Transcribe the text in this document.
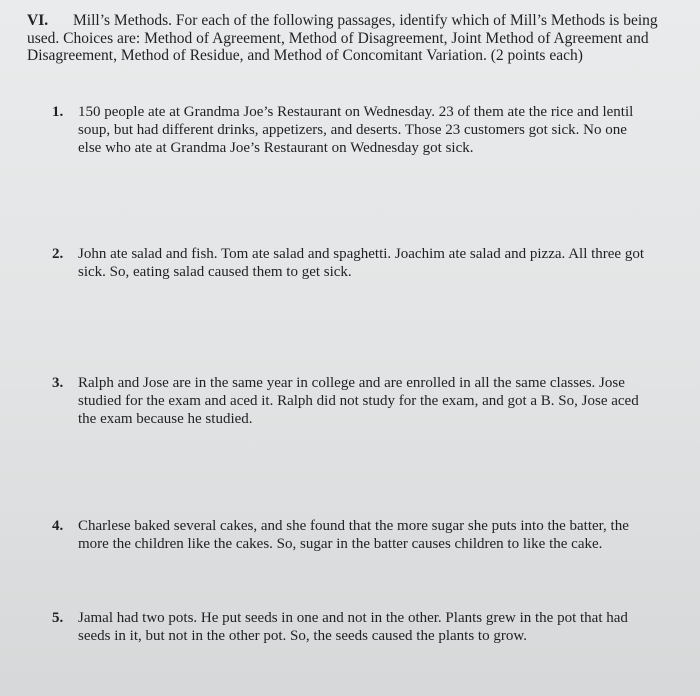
VI. Mill’s Methods. For each of the following passages, identify which of Mill’s Methods is being used. Choices are: Method of Agreement, Method of Disagreement, Joint Method of Agreement and Disagreement, Method of Residue, and Method of Concomitant Variation. (2 points each)
1. 150 people ate at Grandma Joe’s Restaurant on Wednesday. 23 of them ate the rice and lentil soup, but had different drinks, appetizers, and deserts. Those 23 customers got sick. No one else who ate at Grandma Joe’s Restaurant on Wednesday got sick.
2. John ate salad and fish. Tom ate salad and spaghetti. Joachim ate salad and pizza. All three got sick. So, eating salad caused them to get sick.
3. Ralph and Jose are in the same year in college and are enrolled in all the same classes. Jose studied for the exam and aced it. Ralph did not study for the exam, and got a B. So, Jose aced the exam because he studied.
4. Charlese baked several cakes, and she found that the more sugar she puts into the batter, the more the children like the cakes. So, sugar in the batter causes children to like the cake.
5. Jamal had two pots. He put seeds in one and not in the other. Plants grew in the pot that had seeds in it, but not in the other pot. So, the seeds caused the plants to grow.
